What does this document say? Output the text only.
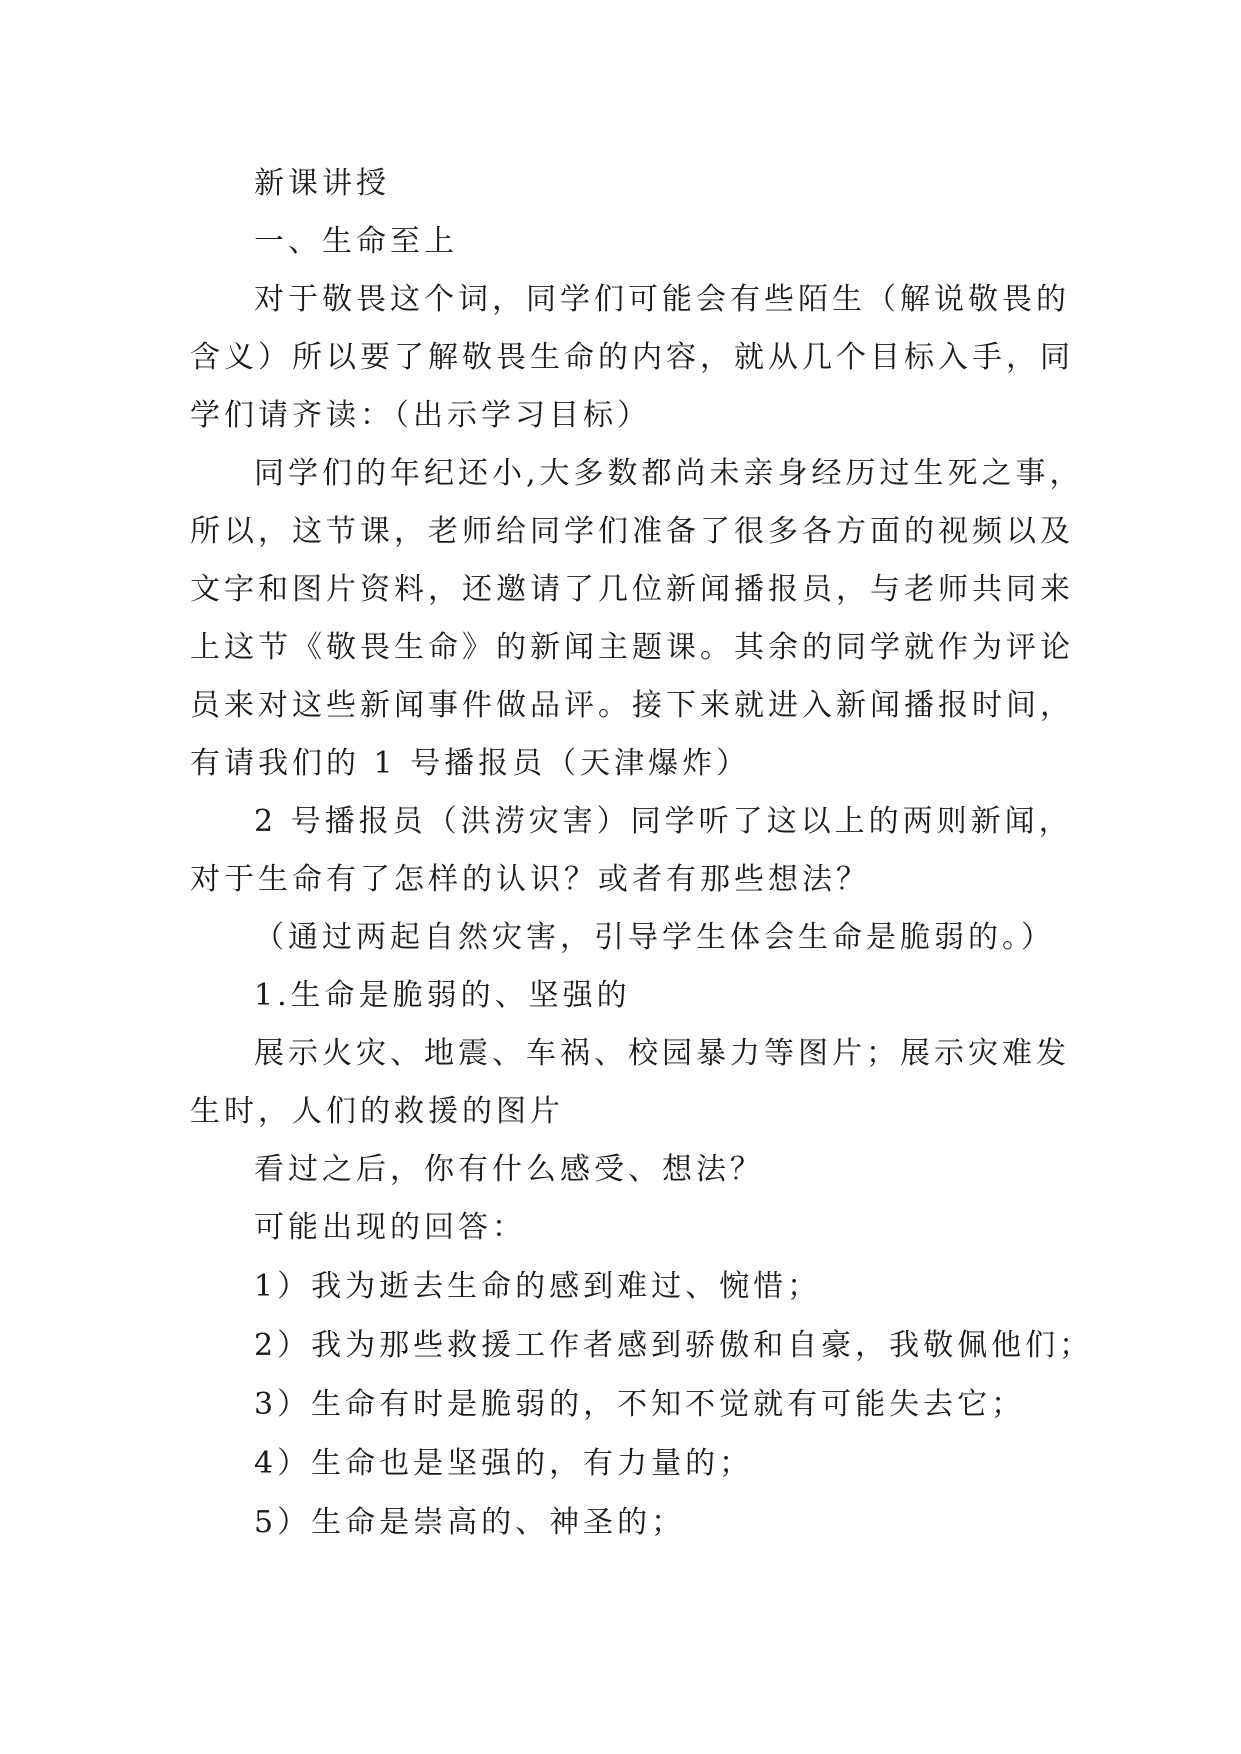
新课讲授
一、生命至上
对于敬畏这个词，同学们可能会有些陌生（解说敬畏的
含义）所以要了解敬畏生命的内容，就从几个目标入手，同
学们请齐读：（出示学习目标）
同学们的年纪还小,大多数都尚未亲身经历过生死之事，
所以，这节课，老师给同学们准备了很多各方面的视频以及
文字和图片资料，还邀请了几位新闻播报员，与老师共同来
上这节《敬畏生命》的新闻主题课。其余的同学就作为评论
员来对这些新闻事件做品评。接下来就进入新闻播报时间，
有请我们的 1 号播报员（天津爆炸）
2 号播报员（洪涝灾害）同学听了这以上的两则新闻，
对于生命有了怎样的认识？或者有那些想法？
（通过两起自然灾害，引导学生体会生命是脆弱的。）
1.生命是脆弱的、坚强的
展示火灾、地震、车祸、校园暴力等图片；展示灾难发
生时，人们的救援的图片
看过之后，你有什么感受、想法？
可能出现的回答：
1）我为逝去生命的感到难过、惋惜；
2）我为那些救援工作者感到骄傲和自豪，我敬佩他们；
3）生命有时是脆弱的，不知不觉就有可能失去它；
4）生命也是坚强的，有力量的；
5）生命是崇高的、神圣的；
